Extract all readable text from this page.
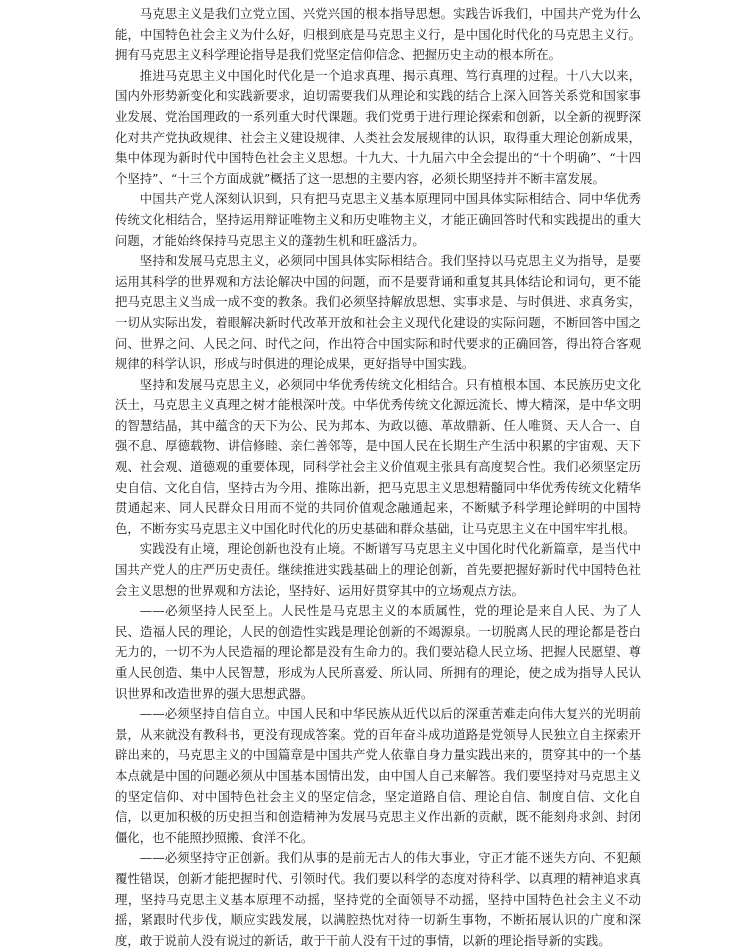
马克思主义是我们立党立国、兴党兴国的根本指导思想。实践告诉我们，中国共产党为什么能，中国特色社会主义为什么好，归根到底是马克思主义行，是中国化时代化的马克思主义行。拥有马克思主义科学理论指导是我们党坚定信仰信念、把握历史主动的根本所在。

推进马克思主义中国化时代化是一个追求真理、揭示真理、笃行真理的过程。十八大以来，国内外形势新变化和实践新要求，迫切需要我们从理论和实践的结合上深入回答关系党和国家事业发展、党治国理政的一系列重大时代课题。我们党勇于进行理论探索和创新，以全新的视野深化对共产党执政规律、社会主义建设规律、人类社会发展规律的认识，取得重大理论创新成果，集中体现为新时代中国特色社会主义思想。十九大、十九届六中全会提出的“十个明确”、“十四个坚持”、“十三个方面成就”概括了这一思想的主要内容，必须长期坚持并不断丰富发展。

中国共产党人深刻认识到，只有把马克思主义基本原理同中国具体实际相结合、同中华优秀传统文化相结合，坚持运用辩证唯物主义和历史唯物主义，才能正确回答时代和实践提出的重大问题，才能始终保持马克思主义的蓬勃生机和旺盛活力。

坚持和发展马克思主义，必须同中国具体实际相结合。我们坚持以马克思主义为指导，是要运用其科学的世界观和方法论解决中国的问题，而不是要背诵和重复其具体结论和词句，更不能把马克思主义当成一成不变的教条。我们必须坚持解放思想、实事求是、与时俱进、求真务实，一切从实际出发，着眼解决新时代改革开放和社会主义现代化建设的实际问题，不断回答中国之问、世界之问、人民之问、时代之问，作出符合中国实际和时代要求的正确回答，得出符合客观规律的科学认识，形成与时俱进的理论成果，更好指导中国实践。

坚持和发展马克思主义，必须同中华优秀传统文化相结合。只有植根本国、本民族历史文化沃土，马克思主义真理之树才能根深叶茂。中华优秀传统文化源远流长、博大精深，是中华文明的智慧结晶，其中蕴含的天下为公、民为邦本、为政以德、革故鼎新、任人唯贤、天人合一、自强不息、厚德载物、讲信修睦、亲仁善邻等，是中国人民在长期生产生活中积累的宇宙观、天下观、社会观、道德观的重要体现，同科学社会主义价值观主张具有高度契合性。我们必须坚定历史自信、文化自信，坚持古为今用、推陈出新，把马克思主义思想精髓同中华优秀传统文化精华贯通起来、同人民群众日用而不觉的共同价值观念融通起来，不断赋予科学理论鲜明的中国特色，不断夯实马克思主义中国化时代化的历史基础和群众基础，让马克思主义在中国牢牢扎根。

实践没有止境，理论创新也没有止境。不断谱写马克思主义中国化时代化新篇章，是当代中国共产党人的庄严历史责任。继续推进实践基础上的理论创新，首先要把握好新时代中国特色社会主义思想的世界观和方法论，坚持好、运用好贯穿其中的立场观点方法。

——必须坚持人民至上。人民性是马克思主义的本质属性，党的理论是来自人民、为了人民、造福人民的理论，人民的创造性实践是理论创新的不竭源泉。一切脱离人民的理论都是苍白无力的，一切不为人民造福的理论都是没有生命力的。我们要站稳人民立场、把握人民愿望、尊重人民创造、集中人民智慧，形成为人民所喜爱、所认同、所拥有的理论，使之成为指导人民认识世界和改造世界的强大思想武器。

——必须坚持自信自立。中国人民和中华民族从近代以后的深重苦难走向伟大复兴的光明前景，从来就没有教科书，更没有现成答案。党的百年奋斗成功道路是党领导人民独立自主探索开辟出来的，马克思主义的中国篇章是中国共产党人依靠自身力量实践出来的，贯穿其中的一个基本点就是中国的问题必须从中国基本国情出发，由中国人自己来解答。我们要坚持对马克思主义的坚定信仰、对中国特色社会主义的坚定信念，坚定道路自信、理论自信、制度自信、文化自信，以更加积极的历史担当和创造精神为发展马克思主义作出新的贡献，既不能刻舟求剑、封闭僵化，也不能照抄照搬、食洋不化。

——必须坚持守正创新。我们从事的是前无古人的伟大事业，守正才能不迷失方向、不犯颠覆性错误，创新才能把握时代、引领时代。我们要以科学的态度对待科学、以真理的精神追求真理，坚持马克思主义基本原理不动摇，坚持党的全面领导不动摇，坚持中国特色社会主义不动摇，紧跟时代步伐，顺应实践发展，以满腔热忱对待一切新生事物，不断拓展认识的广度和深度，敢于说前人没有说过的新话，敢于干前人没有干过的事情，以新的理论指导新的实践。
